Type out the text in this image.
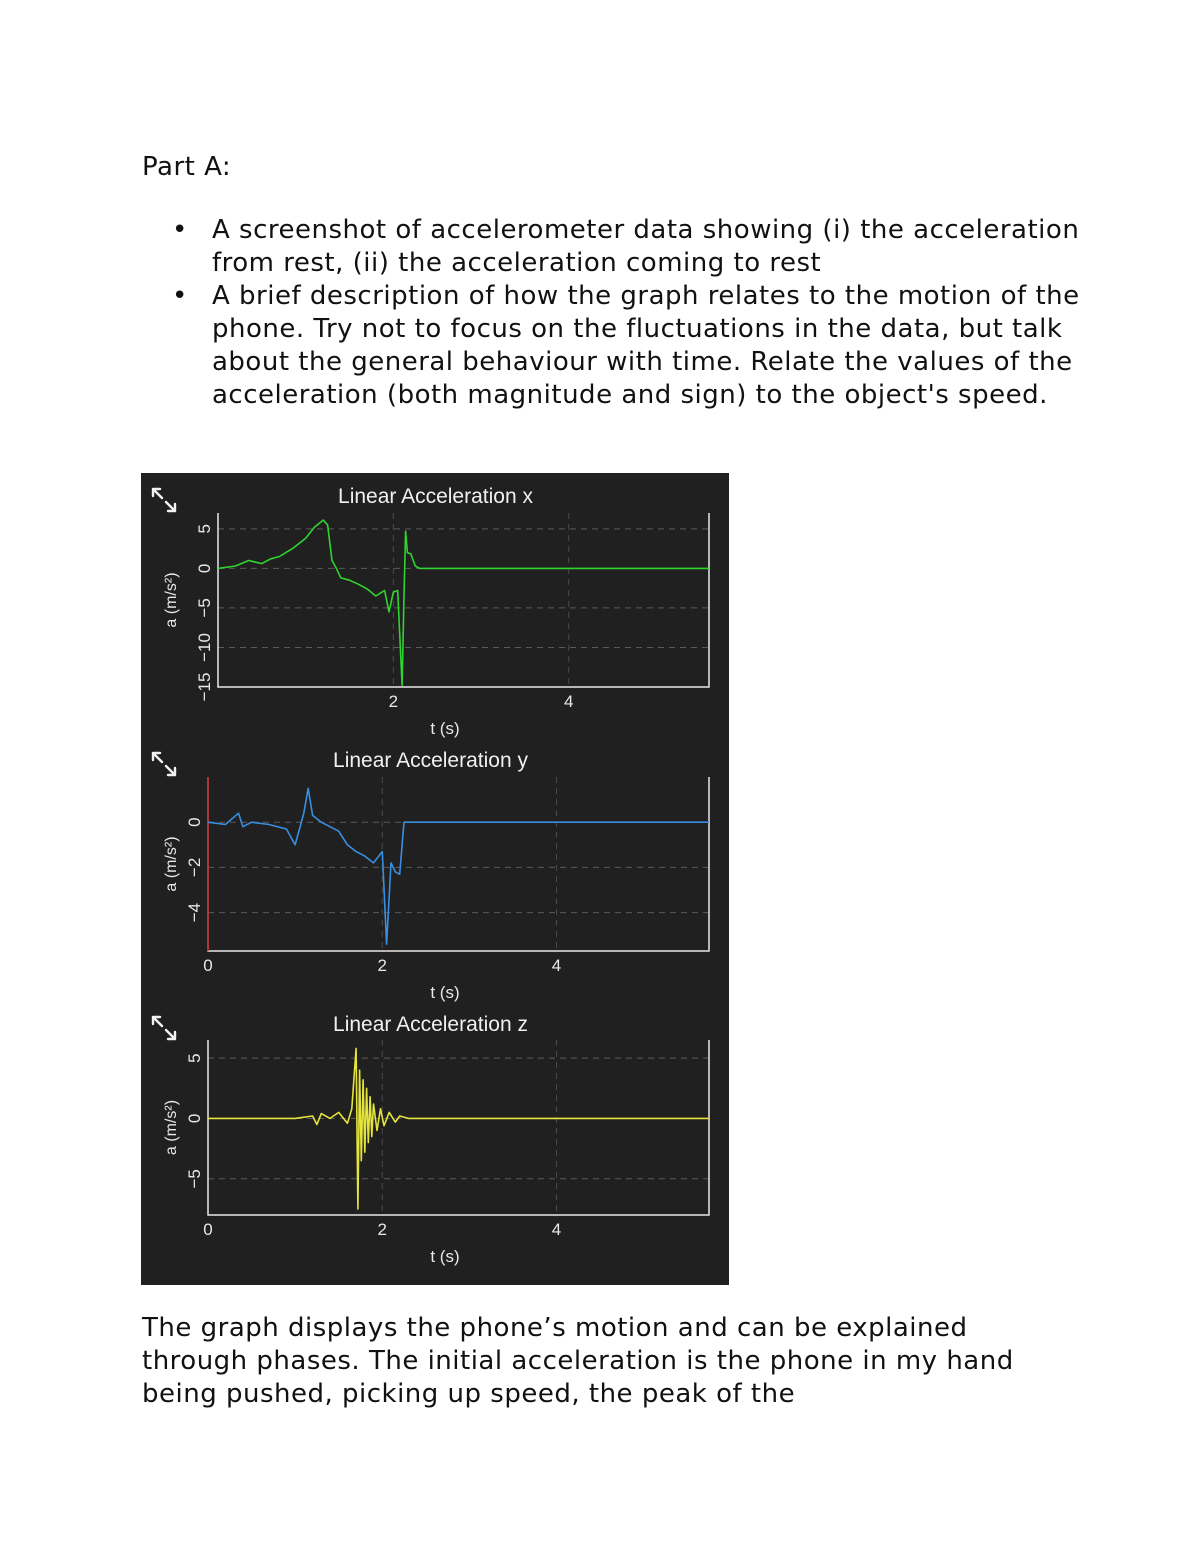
Part A:
• A screenshot of accelerometer data showing (i) the acceleration from rest, (ii) the acceleration coming to rest
• A brief description of how the graph relates to the motion of the phone. Try not to focus on the fluctuations in the data, but talk about the general behaviour with time. Relate the values of the acceleration (both magnitude and sign) to the object's speed.
Linear Acceleration x
5
0
−5
−10
−15
a (m/s²)
2	4
t (s)
Linear Acceleration y
0
−2
−4
a (m/s²)
0	2	4
t (s)
Linear Acceleration z
5
0
−5
a (m/s²)
0	2	4
t (s)

The graph displays the phone’s motion and can be explained through phases. The initial acceleration is the phone in my hand being pushed, picking up speed, the peak of the
